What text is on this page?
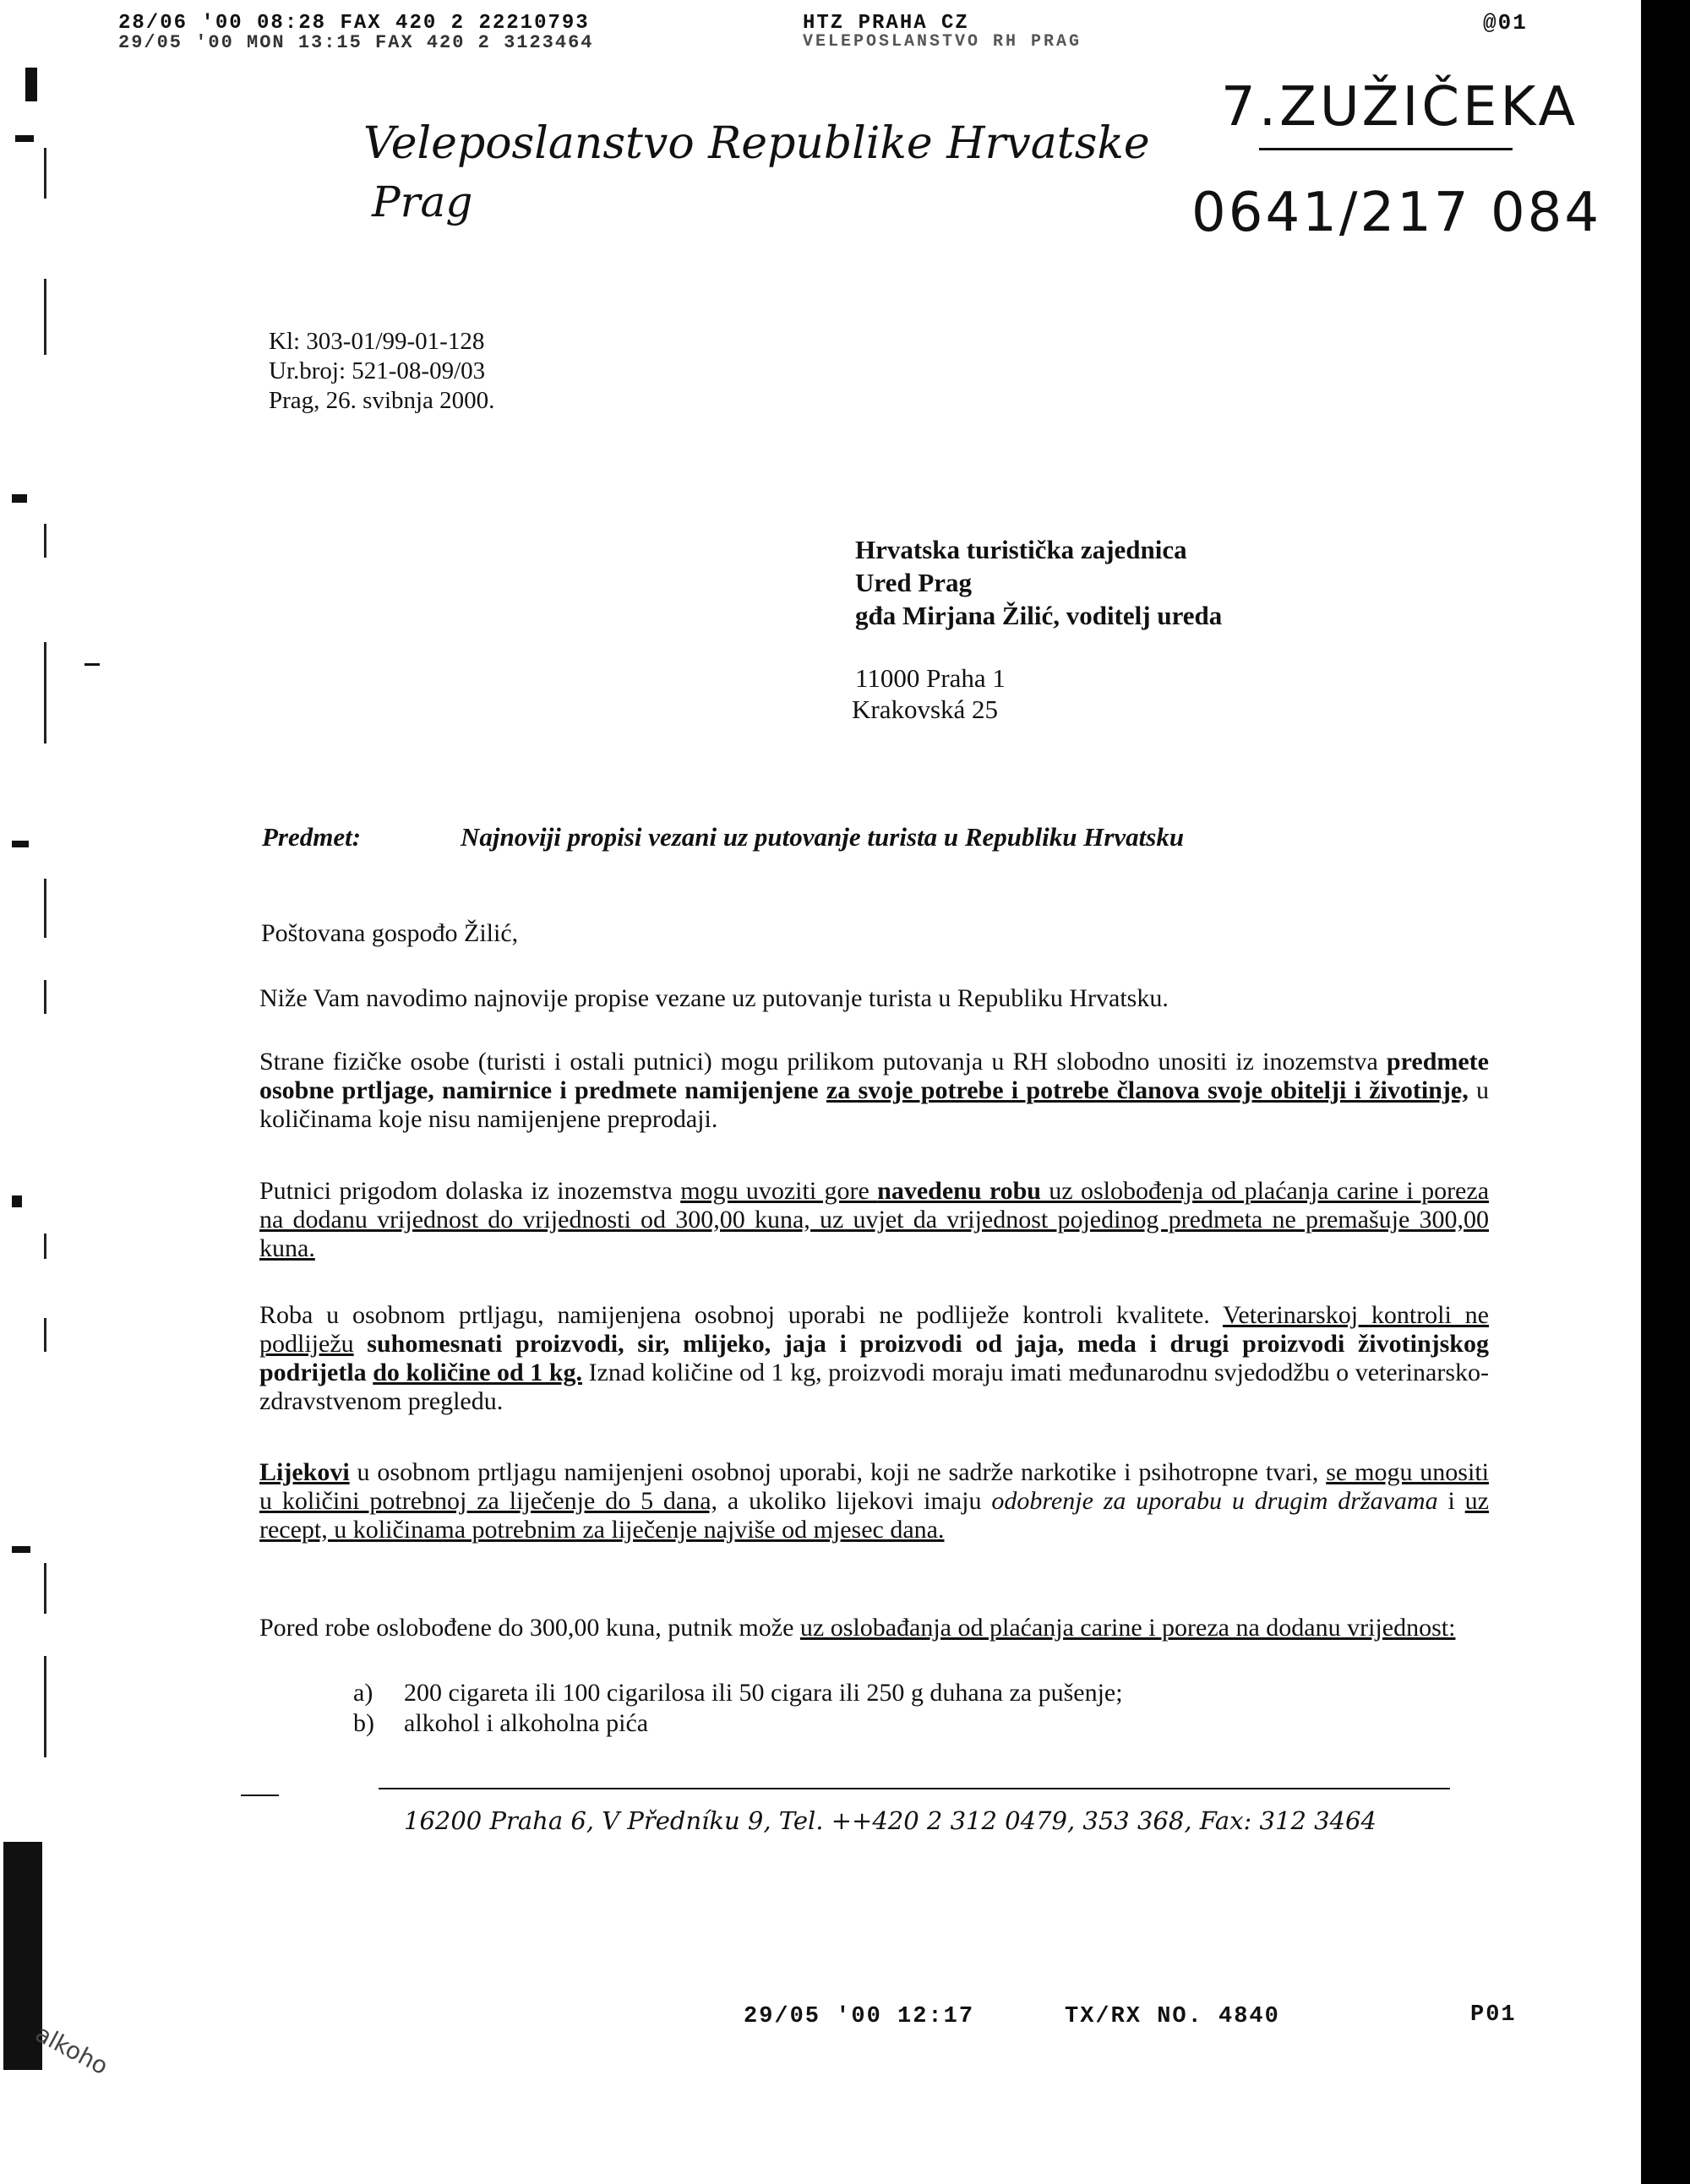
28/06 '00 08:28 FAX 420 2 22210793	HTZ PRAHA CZ	@01
29/05 '00 MON 13:15 FAX 420 2 3123464	VELEPOSLANSTVO RH PRAG
Veleposlanstvo Republike Hrvatske
Prag
7.ZUŽIČEKA
0641/217 084
Kl: 303-01/99-01-128
Ur.broj: 521-08-09/03
Prag, 26. svibnja 2000.
Hrvatska turistička zajednica
Ured Prag
gđa Mirjana Žilić, voditelj ureda
11000 Praha 1
Krakovská 25
Predmet:	Najnoviji propisi vezani uz putovanje turista u Republiku Hrvatsku
Poštovana gospođo Žilić,

Niže Vam navodimo najnovije propise vezane uz putovanje turista u Republiku Hrvatsku.

Strane fizičke osobe (turisti i ostali putnici) mogu prilikom putovanja u RH slobodno unositi iz inozemstva predmete osobne prtljage, namirnice i predmete namijenjene za svoje potrebe i potrebe članova svoje obitelji i životinje, u količinama koje nisu namijenjene preprodaji.

Putnici prigodom dolaska iz inozemstva mogu uvoziti gore navedenu robu uz oslobođenja od plaćanja carine i poreza na dodanu vrijednost do vrijednosti od 300,00 kuna, uz uvjet da vrijednost pojedinog predmeta ne premašuje 300,00 kuna.

Roba u osobnom prtljagu, namijenjena osobnoj uporabi ne podliježe kontroli kvalitete. Veterinarskoj kontroli ne podliježu suhomesnati proizvodi, sir, mlijeko, jaja i proizvodi od jaja, meda i drugi proizvodi životinjskog podrijetla do količine od 1 kg. Iznad količine od 1 kg, proizvodi moraju imati međunarodnu svjedodžbu o veterinarsko-zdravstvenom pregledu.

Lijekovi u osobnom prtljagu namijenjeni osobnoj uporabi, koji ne sadrže narkotike i psihotropne tvari, se mogu unositi u količini potrebnoj za liječenje do 5 dana, a ukoliko lijekovi imaju odobrenje za uporabu u drugim državama i uz recept, u količinama potrebnim za liječenje najviše od mjesec dana.

Pored robe oslobođene do 300,00 kuna, putnik može uz oslobađanja od plaćanja carine i poreza na dodanu vrijednost:

a) 200 cigareta ili 100 cigarilosa ili 50 cigara ili 250 g duhana za pušenje;
b) alkohol i alkoholna pića
16200 Praha 6, V Předníku 9, Tel. ++420 2 312 0479, 353 368, Fax: 312 3464
29/05 '00 12:17	TX/RX NO. 4840	P01
alkoho
